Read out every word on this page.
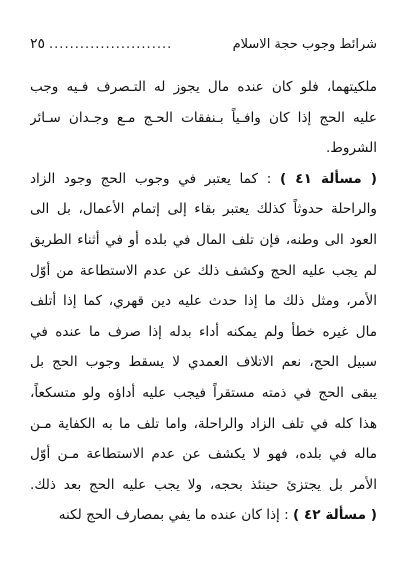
شرائط وجوب حجة الاسلام
........................
٢٥
ملكيتهما، فلو كان عنده مال يجوز له التـصرف فـيه وجب
عليه الحج إذا كان وافـياً بـنفقات الحـج مـع وجـدان سـائر
الشروط.
( مسألة ٤١ ) : كما يعتبر في وجوب الحج وجود الزاد
والراحلة حدوثاً كذلك يعتبر بقاء إلى إتمام الأعمال، بل الى
العود الى وطنه، فإن تلف المال في بلده أو في أثناء الطريق
لم يجب عليه الحج وكشف ذلك عن عدم الاستطاعة من أوّل
الأمر، ومثل ذلك ما إذا حدث عليه دين قهري، كما إذا أتلف
مال غيره خطأ ولم يمكنه أداء بدله إذا صرف ما عنده في
سبيل الحج، نعم الاتلاف العمدي لا يسقط وجوب الحج بل
يبقى الحج في ذمته مستقراً فيجب عليه أداؤه ولو متسكعاً،
هذا كله في تلف الزاد والراحلة، واما تلف ما به الكفاية مـن
ماله في بلده، فهو لا يكشف عن عدم الاستطاعة مـن أوّل
الأمر بل يجتزئ حينئذ بحجه، ولا يجب عليه الحج بعد ذلك.
( مسألة ٤٢ ) : إذا كان عنده ما يفي بمصارف الحج لكنه
